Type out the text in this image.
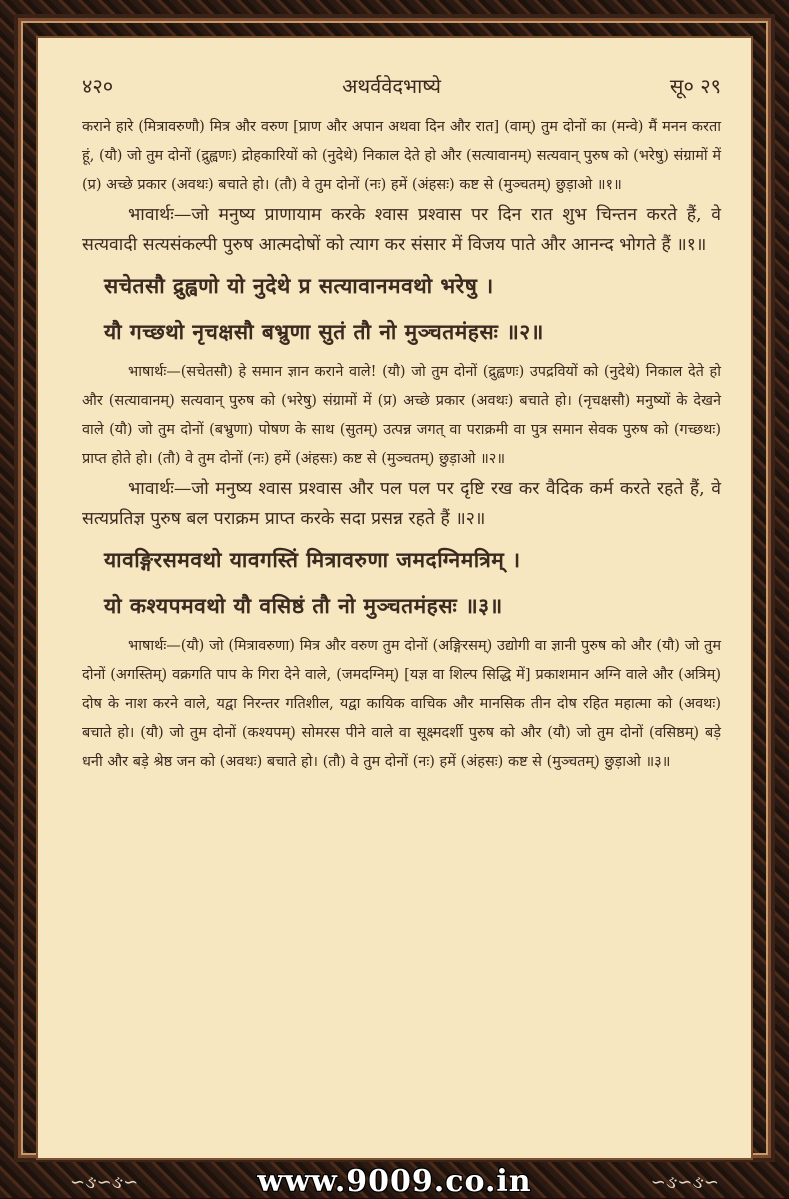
४२०	अथर्ववेदभाष्ये	सू० २९

कराने हारे (मित्रावरुणौ) मित्र और वरुण [प्राण और अपान अथवा दिन और रात] (वाम्) तुम दोनों का (मन्वे) मैं मनन करता हूं, (यौ) जो तुम दोनों (द्रुह्वणः) द्रोहकारियों को (नुदेथे) निकाल देते हो और (सत्यावानम्) सत्यवान् पुरुष को (भरेषु) संग्रामों में (प्र) अच्छे प्रकार (अवथः) बचाते हो। (तौ) वे तुम दोनों (नः) हमें (अंहसः) कष्ट से (मुञ्चतम्) छुड़ाओ ॥१॥

भावार्थः—जो मनुष्य प्राणायाम करके श्वास प्रश्वास पर दिन रात शुभ चिन्तन करते हैं, वे सत्यवादी सत्यसंकल्पी पुरुष आत्मदोषों को त्याग कर संसार में विजय पाते और आनन्द भोगते हैं ॥१॥

सचेतसौ द्रुह्वणो यो नुदेथे प्र सत्यावानमवथो भरेषु ।

यौ गच्छथो नृचक्षसौ बभ्रुणा सुतं तौ नो मुञ्चतमंहसः ॥२॥

भाषार्थः—(सचेतसौ) हे समान ज्ञान कराने वाले! (यौ) जो तुम दोनों (द्रुह्वणः) उपद्रवियों को (नुदेथे) निकाल देते हो और (सत्यावानम्) सत्यवान् पुरुष को (भरेषु) संग्रामों में (प्र) अच्छे प्रकार (अवथः) बचाते हो। (नृचक्षसौ) मनुष्यों के देखने वाले (यौ) जो तुम दोनों (बभ्रुणा) पोषण के साथ (सुतम्) उत्पन्न जगत् वा पराक्रमी वा पुत्र समान सेवक पुरुष को (गच्छथः) प्राप्त होते हो। (तौ) वे तुम दोनों (नः) हमें (अंहसः) कष्ट से (मुञ्चतम्) छुड़ाओ ॥२॥

भावार्थः—जो मनुष्य श्वास प्रश्वास और पल पल पर दृष्टि रख कर वैदिक कर्म करते रहते हैं, वे सत्यप्रतिज्ञ पुरुष बल पराक्रम प्राप्त करके सदा प्रसन्न रहते हैं ॥२॥

यावङ्गिरसमवथो यावगस्तिं मित्रावरुणा जमदग्निमत्रिम् ।

यो कश्यपमवथो यौ वसिष्ठं तौ नो मुञ्चतमंहसः ॥३॥

भाषार्थः—(यौ) जो (मित्रावरुणा) मित्र और वरुण तुम दोनों (अङ्गिरसम्) उद्योगी वा ज्ञानी पुरुष को और (यौ) जो तुम दोनों (अगस्तिम्) वक्रगति पाप के गिरा देने वाले, (जमदग्निम्) [यज्ञ वा शिल्प सिद्धि में] प्रकाशमान अग्नि वाले और (अत्रिम्) दोष के नाश करने वाले, यद्वा निरन्तर गतिशील, यद्वा कायिक वाचिक और मानसिक तीन दोष रहित महात्मा को (अवथः) बचाते हो। (यौ) जो तुम दोनों (कश्यपम्) सोमरस पीने वाले वा सूक्ष्मदर्शी पुरुष को और (यौ) जो तुम दोनों (वसिष्ठम्) बड़े धनी और बड़े श्रेष्ठ जन को (अवथः) बचाते हो। (तौ) वे तुम दोनों (नः) हमें (अंहसः) कष्ट से (मुञ्चतम्) छुड़ाओ ॥३॥

∽ઙ∽ઙ∽	www.9009.co.in	∽ઙ∽ઙ∽
